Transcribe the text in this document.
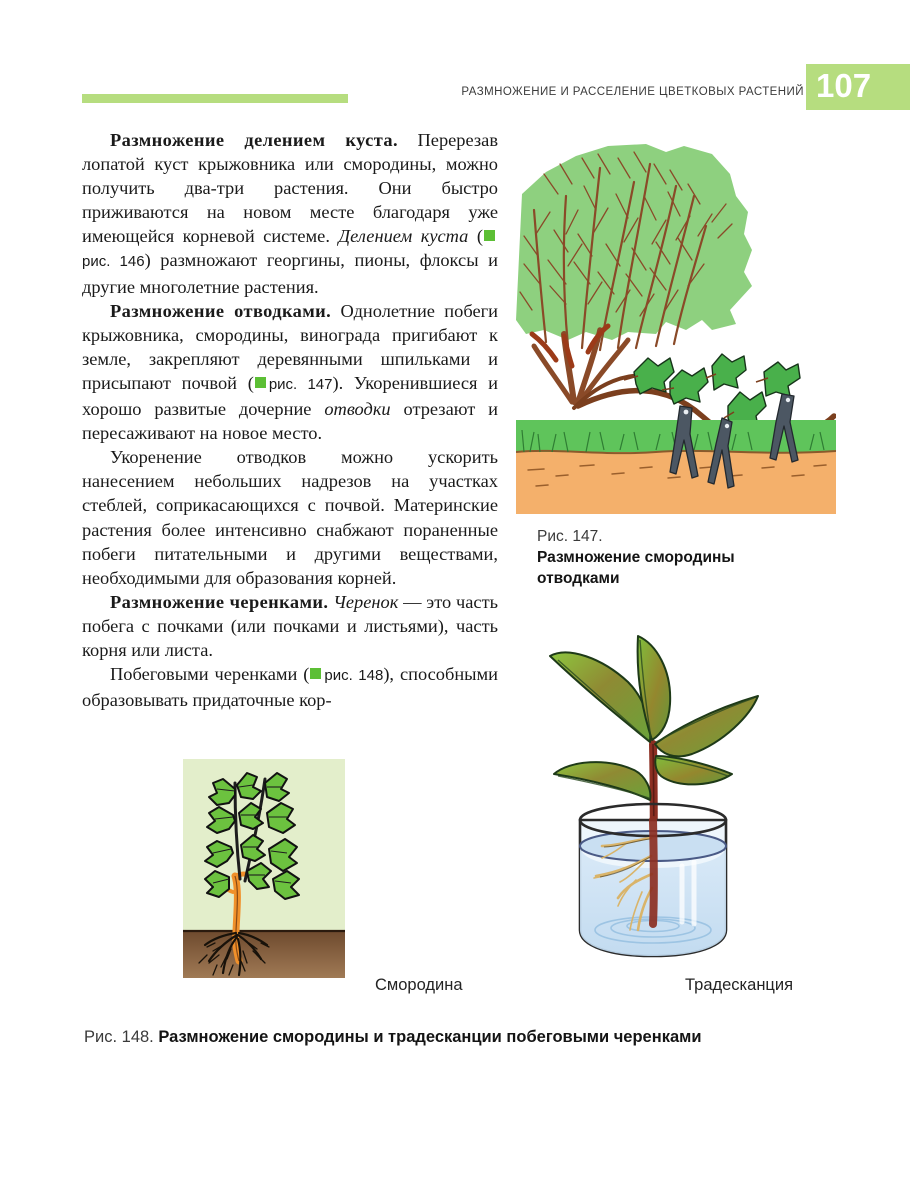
РАЗМНОЖЕНИЕ И РАССЕЛЕНИЕ ЦВЕТКОВЫХ РАСТЕНИЙ 107

Размножение делением куста. Перерезав лопатой куст крыжовника или смородины, можно получить два-три растения. Они быстро приживаются на новом месте благодаря уже имеющейся корневой системе. Делением куста (рис. 146) размножают георгины, пионы, флоксы и другие многолетние растения.

Размножение отводками. Однолетние побеги крыжовника, смородины, винограда пригибают к земле, закрепляют деревянными шпильками и присыпают почвой ( рис. 147). Укоренившиеся и хорошо развитые дочерние отводки отрезают и пересаживают на новое место.

Укоренение отводков можно ускорить нанесением небольших надрезов на участках стеблей, соприкасающихся с почвой. Материнские растения более интенсивно снабжают пораненные побеги питательными и другими веществами, необходимыми для образования корней.

Размножение черенками. Черенок — это часть побега с почками (или почками и листьями), часть корня или листа.

Побеговыми черенками ( рис. 148), способными образовывать придаточные кор-

Рис. 147.
Размножение смородины
отводками
Смородина	Традесканция
Рис. 148. Размножение смородины и традесканции побеговыми черенками
